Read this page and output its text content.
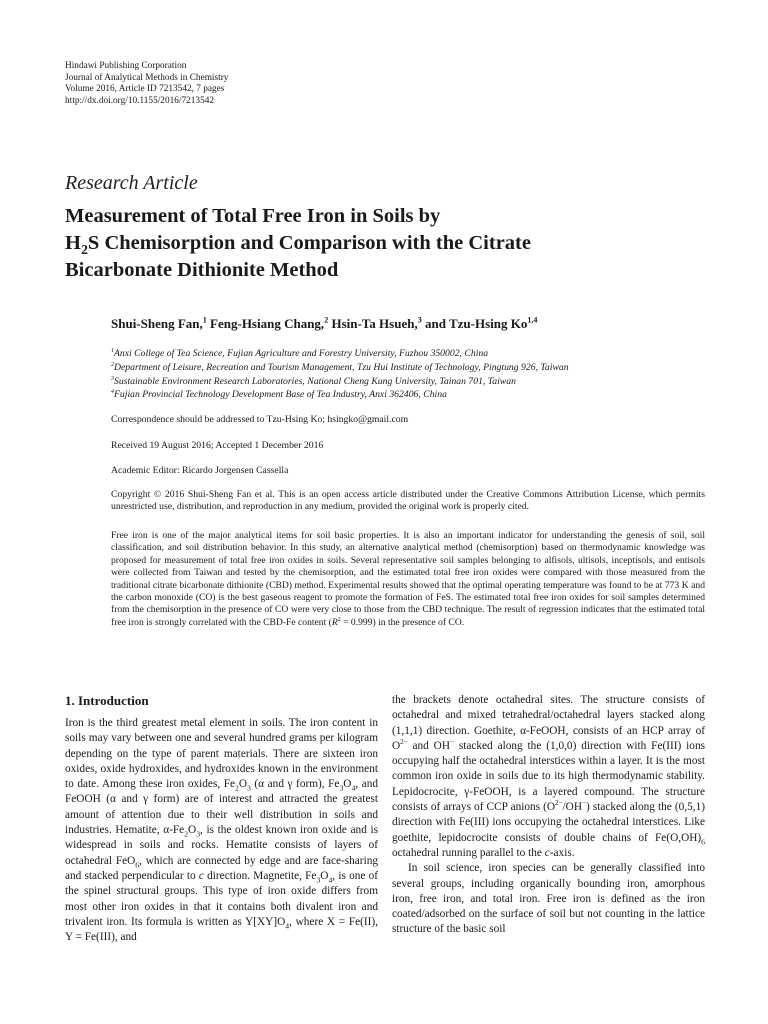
Hindawi Publishing Corporation
Journal of Analytical Methods in Chemistry
Volume 2016, Article ID 7213542, 7 pages
http://dx.doi.org/10.1155/2016/7213542
Research Article
Measurement of Total Free Iron in Soils by
$H_2S$ Chemisorption and Comparison with the Citrate
Bicarbonate Dithionite Method
Shui-Sheng Fan,$^1$ Feng-Hsiang Chang,$^2$ Hsin-Ta Hsueh,$^3$ and Tzu-Hsing Ko$^{1,4}$
$^1$Anxi College of Tea Science, Fujian Agriculture and Forestry University, Fuzhou 350002, China
$^2$Department of Leisure, Recreation and Tourism Management, Tzu Hui Institute of Technology, Pingtung 926, Taiwan
$^3$Sustainable Environment Research Laboratories, National Cheng Kung University, Tainan 701, Taiwan
$^4$Fujian Provincial Technology Development Base of Tea Industry, Anxi 362406, China
Correspondence should be addressed to Tzu-Hsing Ko; hsingko@gmail.com
Received 19 August 2016; Accepted 1 December 2016
Academic Editor: Ricardo Jorgensen Cassella
Copyright © 2016 Shui-Sheng Fan et al. This is an open access article distributed under the Creative Commons Attribution License, which permits unrestricted use, distribution, and reproduction in any medium, provided the original work is properly cited.
Free iron is one of the major analytical items for soil basic properties. It is also an important indicator for understanding the genesis of soil, soil classification, and soil distribution behavior. In this study, an alternative analytical method (chemisorption) based on thermodynamic knowledge was proposed for measurement of total free iron oxides in soils. Several representative soil samples belonging to alfisols, ultisols, inceptisols, and entisols were collected from Taiwan and tested by the chemisorption, and the estimated total free iron oxides were compared with those measured from the traditional citrate bicarbonate dithionite (CBD) method. Experimental results showed that the optimal operating temperature was found to be at 773 K and the carbon monoxide (CO) is the best gaseous reagent to promote the formation of FeS. The estimated total free iron oxides for soil samples determined from the chemisorption in the presence of CO were very close to those from the CBD technique. The result of regression indicates that the estimated total free iron is strongly correlated with the CBD-Fe content $(R^2 = 0.999)$ in the presence of CO.
1. Introduction

Iron is the third greatest metal element in soils. The iron content in soils may vary between one and several hundred grams per kilogram depending on the type of parent materials. There are sixteen iron oxides, oxide hydroxides, and hydroxides known in the environment to date. Among these iron oxides, $Fe_2O_3$ (α and γ form), $Fe_3O_4$, and FeOOH (α and γ form) are of interest and attracted the greatest amount of attention due to their well distribution in soils and industries. Hematite, $\alpha-Fe_2O_3$, is the oldest known iron oxide and is widespread in soils and rocks. Hematite consists of layers of octahedral FeO$_6$, which are connected by edge and are face-sharing and stacked perpendicular to c direction. Magnetite, $Fe_3O_4$, is one of the spinel structural groups. This type of iron oxide differs from most other iron oxides in that it contains both divalent iron and trivalent iron. Its formula is written as $Y[XY]O_4$, where X = Fe(II), Y = Fe(III), and

the brackets denote octahedral sites. The structure consists of octahedral and mixed tetrahedral/octahedral layers stacked along (1,1,1) direction. Goethite, α-FeOOH, consists of an HCP array of $O^{2-}$ and OH− stacked along the (1,0,0) direction with Fe(III) ions occupying half the octahedral interstices within a layer. It is the most common iron oxide in soils due to its high thermodynamic stability. Lepidocrocite, γ-FeOOH, is a layered compound. The structure consists of arrays of CCP anions $(O^{2-}/OH^-)$ stacked along the (0,5,1) direction with Fe(III) ions occupying the octahedral interstices. Like goethite, lepidocrocite consists of double chains of $Fe(O,OH)_6$ octahedral running parallel to the c-axis.

In soil science, iron species can be generally classified into several groups, including organically bounding iron, amorphous iron, free iron, and total iron. Free iron is defined as the iron coated/adsorbed on the surface of soil but not counting in the lattice structure of the basic soil
